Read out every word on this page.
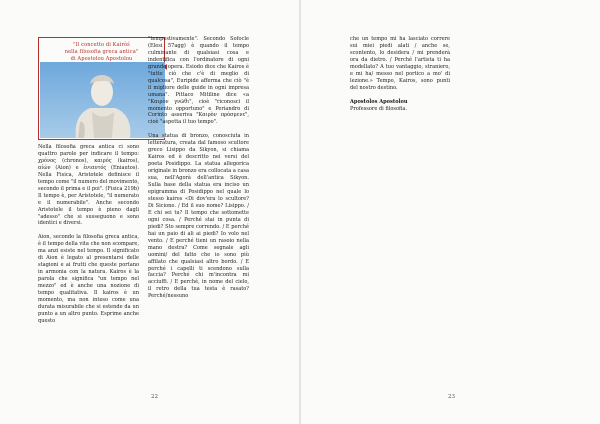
"Il concetto di Kairòś
nella filosofia greca antica"
di Apostolou Apostolou

Nella filosofia greca antica ci sono quattro parole per indicare il tempo: χρόνος (chronos), καιρός (kairos), αἰών (Aion) e ἐνιαυτός (Eniautos). Nella Fisica, Aristotele definisce il tempo come "il numero del movimento, secondo il prima e il poi". (Fisica 219b) Il tempo è, per Aristotele, "il numerato e il numerabile". Anche secondo Aristotele il tempo è pieno dagli "adesso" che si susseguono e sono identici e diversi.

Aion, secondo la filosofia greca antica, è il tempo della vita che non scompare, ma anzi esiste nel tempo. Il significato di Aion è legato al presentarsi delle stagioni e ai frutti che queste portano in armonia con la natura. Kairos è la parola che significa "un tempo nel mezzo" ed è anche una nozione di tempo qualitativa. Il kairos è un momento, ma non inteso come una durata misurabile che si estende da un punto a un altro punto. Esprime anche questo

"tempestivamente". Secondo Sofocle (Elesi 57agg) è quando il tempo culminante di qualsiasi cosa e indentifica con l'ordinatore di ogni grande opera. Esiodo dice che Kairos è "tutto ciò che c'è di meglio di qualcosa", Euripide afferma che ciò "è il migliore delle guide in ogni impresa umana". Pittaco Mitiline dice «a "Καιρὸν γνῶθι", cioè "riconosci il momento opportuno" e Periandro di Corinto asseriva "Καιρὸν πρόσμενε", cioè "aspetta il tuo tempo".

Una statua di bronzo, conosciuta in letteratura, creata dal famoso scultore greco Lisippo da Sikyon, si chiama Kairos ed è descritto nei versi del poeta Posidippo. La statua allegorica originale in bronzo era collocata a casa sua, nell'Agorà dell'antica Sikyon. Sulla base della statua era inciso un epigramma di Posidippo nel quale lo stesso kairos «Di dov'era lo scultore? Di Sicione. / Ed il suo nome? Lisippo. / E chi sei tu? Il tempo che sottomette ogni cosa. / Perché stai in punta di piedi? Sto sempre correndo. / E perché hai un paio di ali ai piedi? Io volo nel vento. / E perché tieni un rasoio nella mano destra? Come segnale agli uomini/ del fatto che io sono più affilato che qualsiasi altro bordo. / E perché i capelli ti scendono sulla faccia? Perché chi m'incontra mi acciuffi. / E perché, in nome del cielo, il retro della tua testa è rasato? Perché/nessuno

22

che un tempo mi ha lasciato correre sui miei piedi alati / anche se, scontento, lo desidera / mi prenderà ora da dietro. / Perché l'artista ti ha modellato? A tuo vantaggio, straniero, e mi ha/ messo nel portico a mo' di lezione.» Tempo, Kairos, sono punti del nostro destino.

Apostolos Apostolou
Professore di filosofia.

23
